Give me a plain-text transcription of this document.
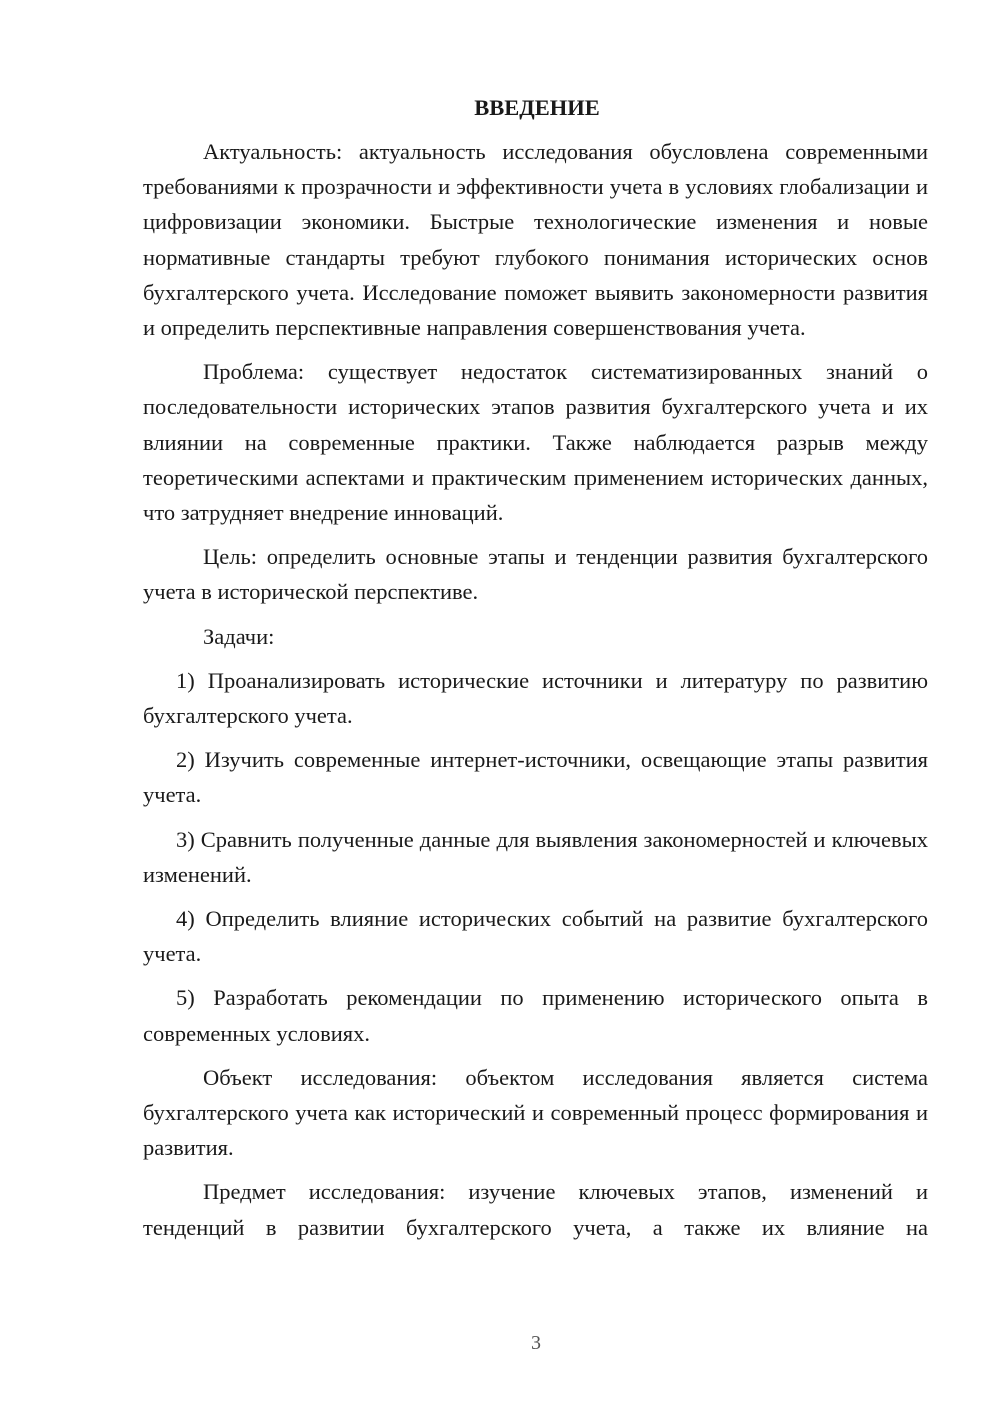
ВВЕДЕНИЕ

Актуальность: актуальность исследования обусловлена современными требованиями к прозрачности и эффективности учета в условиях глобализации и цифровизации экономики. Быстрые технологические изменения и новые нормативные стандарты требуют глубокого понимания исторических основ бухгалтерского учета. Исследование поможет выявить закономерности развития и определить перспективные направления совершенствования учета.

Проблема: существует недостаток систематизированных знаний о последовательности исторических этапов развития бухгалтерского учета и их влиянии на современные практики. Также наблюдается разрыв между теоретическими аспектами и практическим применением исторических данных, что затрудняет внедрение инноваций.

Цель: определить основные этапы и тенденции развития бухгалтерского учета в исторической перспективе.

Задачи:

1) Проанализировать исторические источники и литературу по развитию бухгалтерского учета.

2) Изучить современные интернет-источники, освещающие этапы развития учета.

3) Сравнить полученные данные для выявления закономерностей и ключевых изменений.

4) Определить влияние исторических событий на развитие бухгалтерского учета.

5) Разработать рекомендации по применению исторического опыта в современных условиях.

Объект исследования: объектом исследования является система бухгалтерского учета как исторический и современный процесс формирования и развития.

Предмет исследования: изучение ключевых этапов, изменений и тенденций в развитии бухгалтерского учета, а также их влияние на

3
